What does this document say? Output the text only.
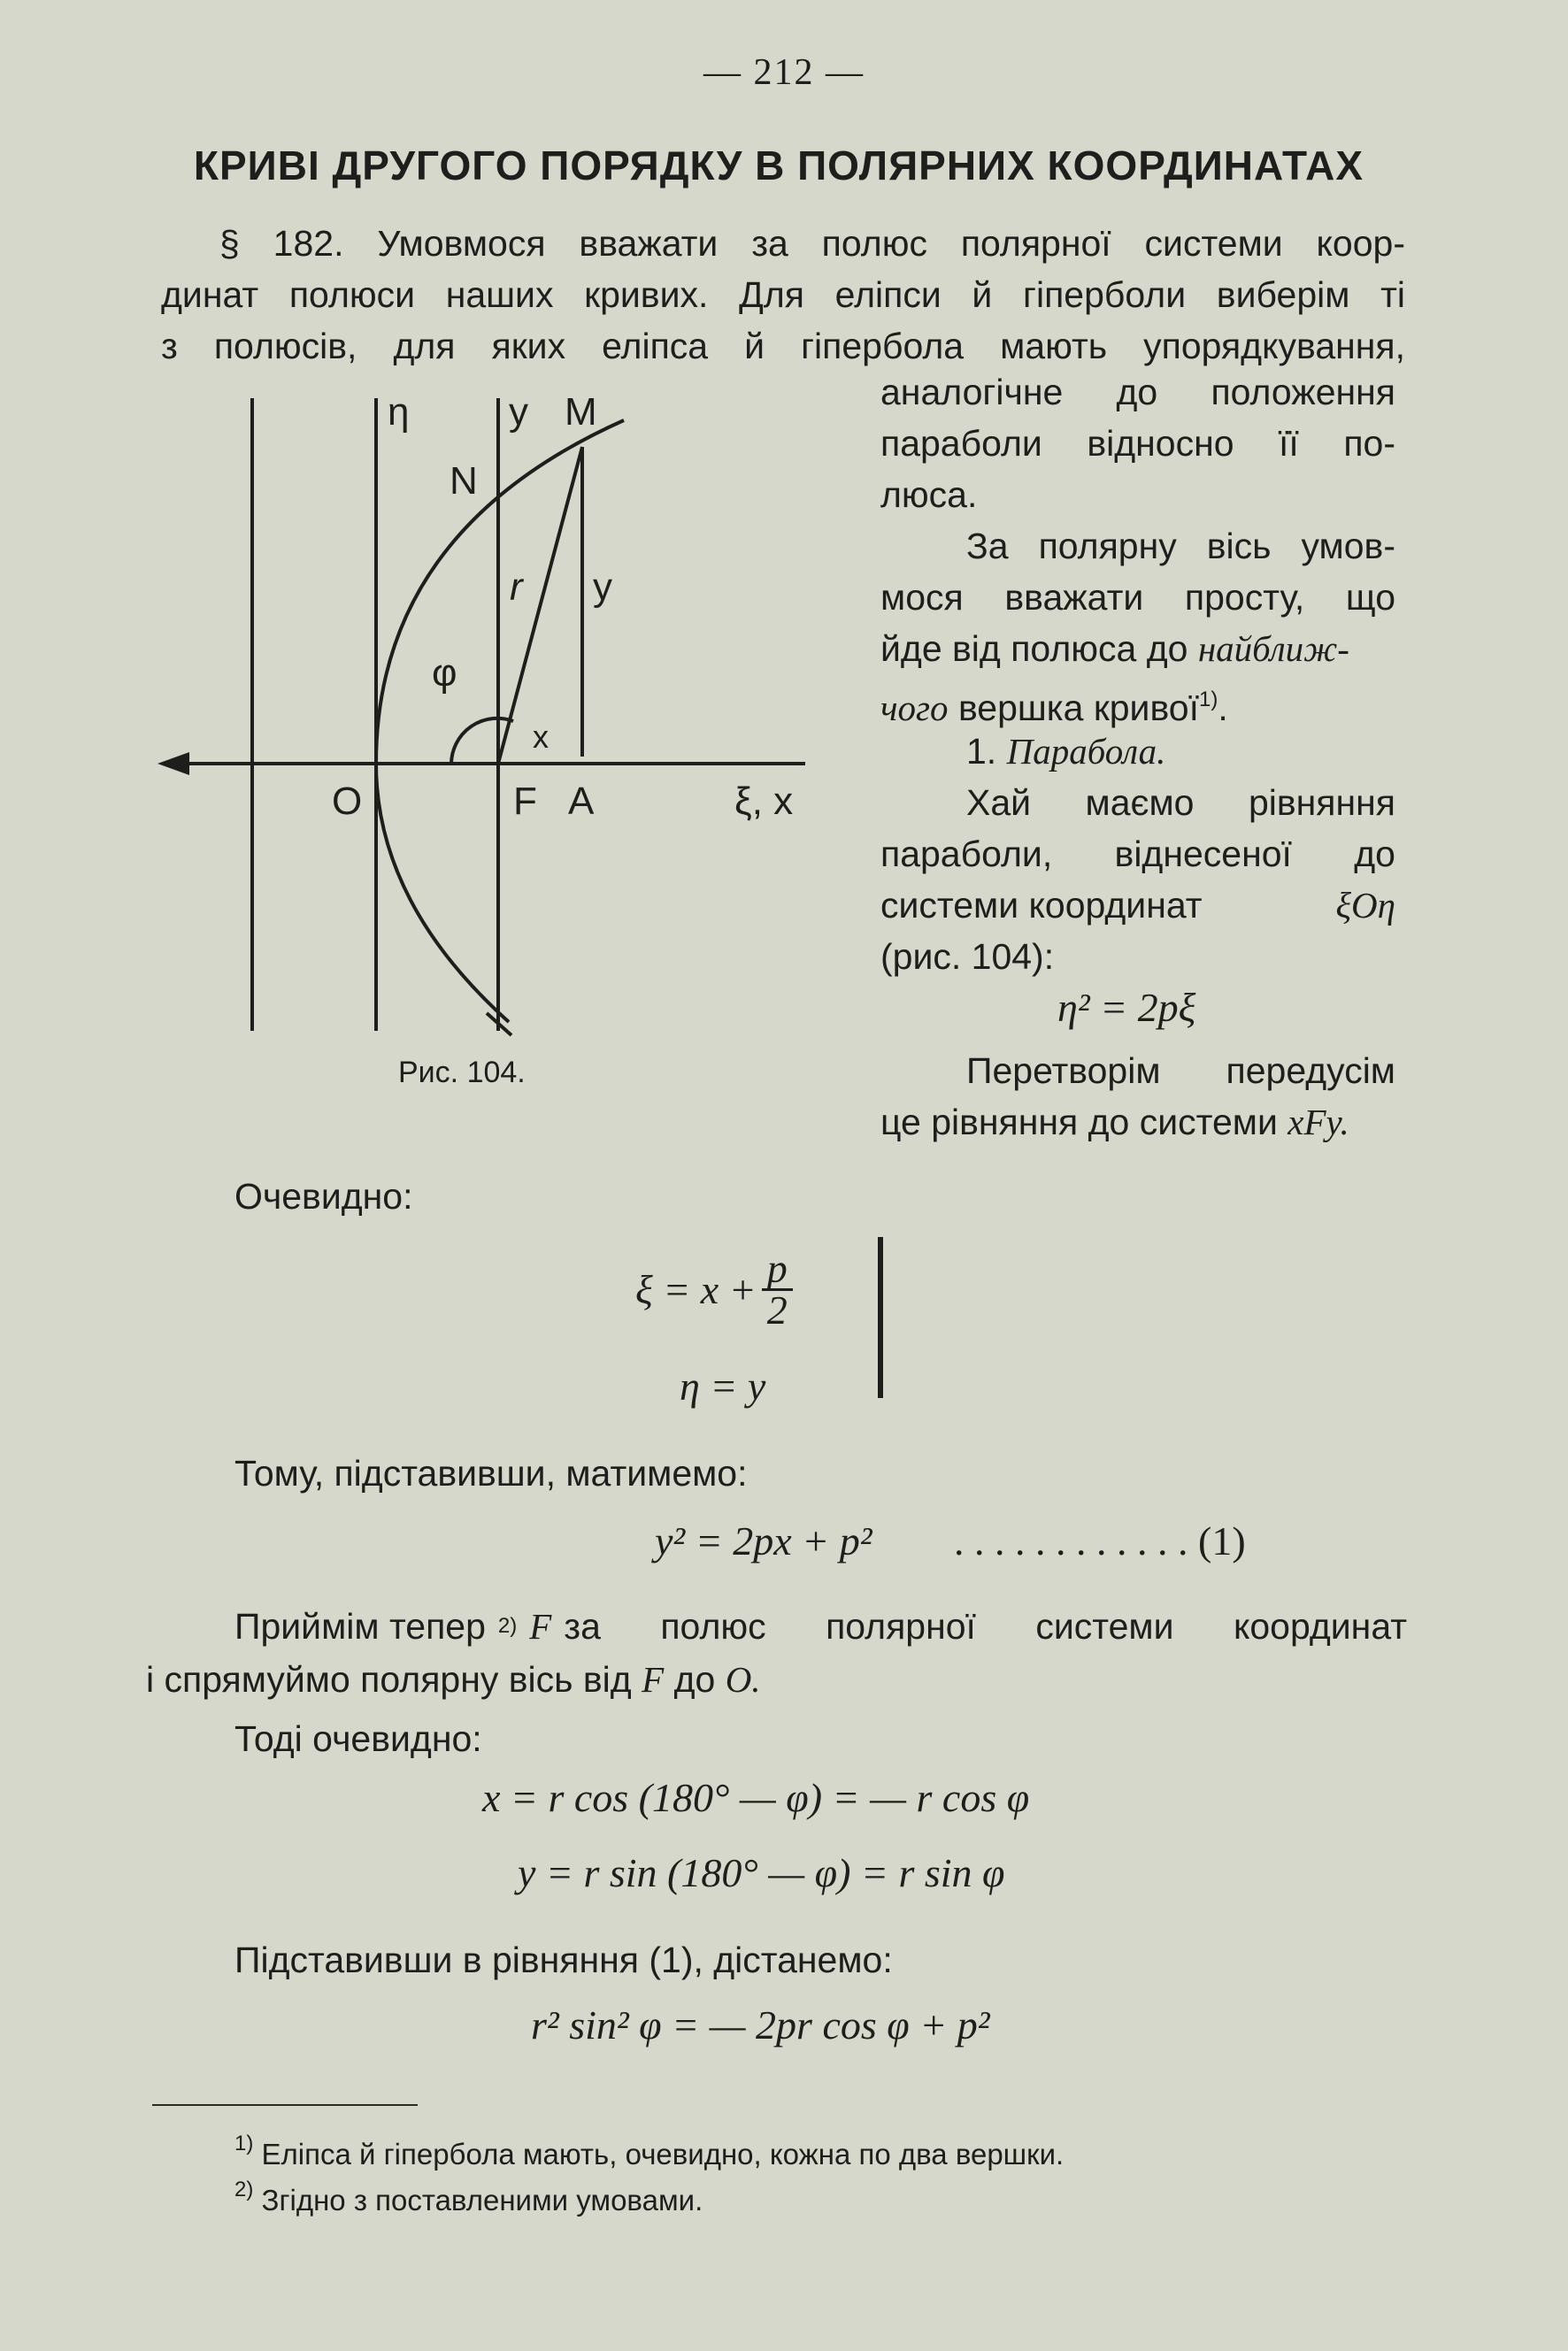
— 212 —
КРИВІ ДРУГОГО ПОРЯДКУ В ПОЛЯРНИХ КООРДИНАТАХ
§ 182. Умовмося вважати за полюс полярної системи коор-
динат полюси наших кривих. Для еліпси й гіперболи виберім ті
з полюсів, для яких еліпса й гіпербола мають упорядкування,
η	y M
N
r y
φ
x
O	F A	ξ, x
Рис. 104.
аналогічне до положення
параболи відносно її по-
люса.
За полярну вісь умов-
мося вважати просту, що
йде від полюса до найближ-
чого вершка кривої$^{1)}$.
1. Парабола.
Хай маємо рівняння
параболи, віднесеної до
системи координат	ξOη
(рис. 104):
η² = 2pξ
Перетворім передусім
це рівняння до системи xFy.
Очевидно:
$\xi = x + \frac{p}{2}$
η = y
Тому, підставивши, матимемо:
y² = 2px + p² . . . . . . . . . . . . (1)
Приймім тепер 2) F за полюс полярної системи координат
і спрямуймо полярну вісь від F до O.
Тоді очевидно:
x = r cos (180° — φ) = — r cos φ
y = r sin (180° — φ) = r sin φ
Підставивши в рівняння (1), дістанемо:
r² sin² φ = — 2pr cos φ + p²
$^{1)}$ Еліпса й гіпербола мають, очевидно, кожна по два вершки.
$^{2)}$ Згідно з поставленими умовами.
